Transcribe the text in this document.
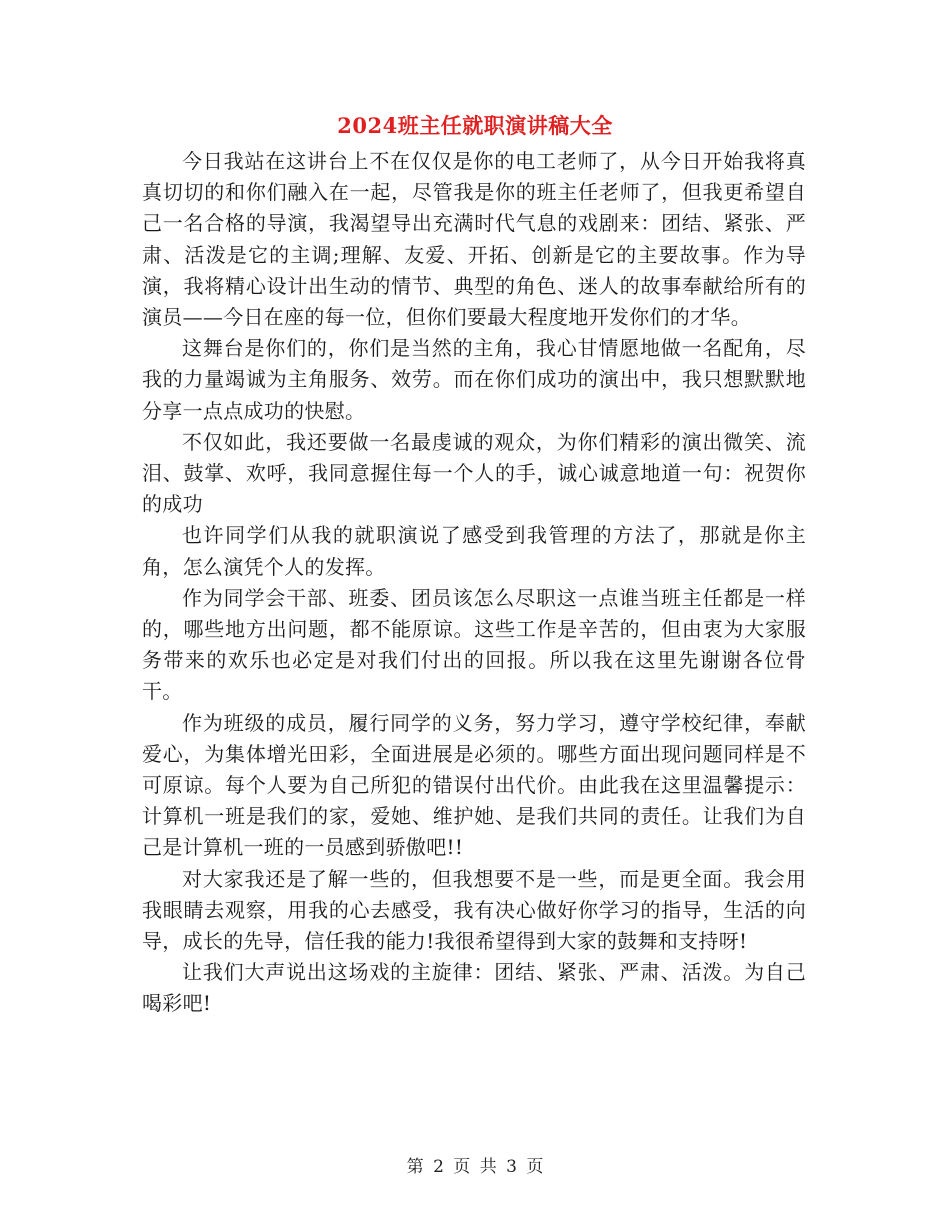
2024班主任就职演讲稿大全

今日我站在这讲台上不在仅仅是你的电工老师了，从今日开始我将真真切切的和你们融入在一起，尽管我是你的班主任老师了，但我更希望自己一名合格的导演，我渴望导出充满时代气息的戏剧来：团结、紧张、严肃、活泼是它的主调;理解、友爱、开拓、创新是它的主要故事。作为导演，我将精心设计出生动的情节、典型的角色、迷人的故事奉献给所有的演员——今日在座的每一位，但你们要最大程度地开发你们的才华。

这舞台是你们的，你们是当然的主角，我心甘情愿地做一名配角，尽我的力量竭诚为主角服务、效劳。而在你们成功的演出中，我只想默默地分享一点点成功的快慰。

不仅如此，我还要做一名最虔诚的观众，为你们精彩的演出微笑、流泪、鼓掌、欢呼，我同意握住每一个人的手，诚心诚意地道一句：祝贺你的成功

也许同学们从我的就职演说了感受到我管理的方法了，那就是你主角，怎么演凭个人的发挥。

作为同学会干部、班委、团员该怎么尽职这一点谁当班主任都是一样的，哪些地方出问题，都不能原谅。这些工作是辛苦的，但由衷为大家服务带来的欢乐也必定是对我们付出的回报。所以我在这里先谢谢各位骨干。

作为班级的成员，履行同学的义务，努力学习，遵守学校纪律，奉献爱心，为集体增光田彩，全面进展是必须的。哪些方面出现问题同样是不可原谅。每个人要为自己所犯的错误付出代价。由此我在这里温馨提示：计算机一班是我们的家，爱她、维护她、是我们共同的责任。让我们为自己是计算机一班的一员感到骄傲吧!!

对大家我还是了解一些的，但我想要不是一些，而是更全面。我会用我眼睛去观察，用我的心去感受，我有决心做好你学习的指导，生活的向导，成长的先导，信任我的能力!我很希望得到大家的鼓舞和支持呀!

让我们大声说出这场戏的主旋律：团结、紧张、严肃、活泼。为自己喝彩吧!

第 2 页 共 3 页
